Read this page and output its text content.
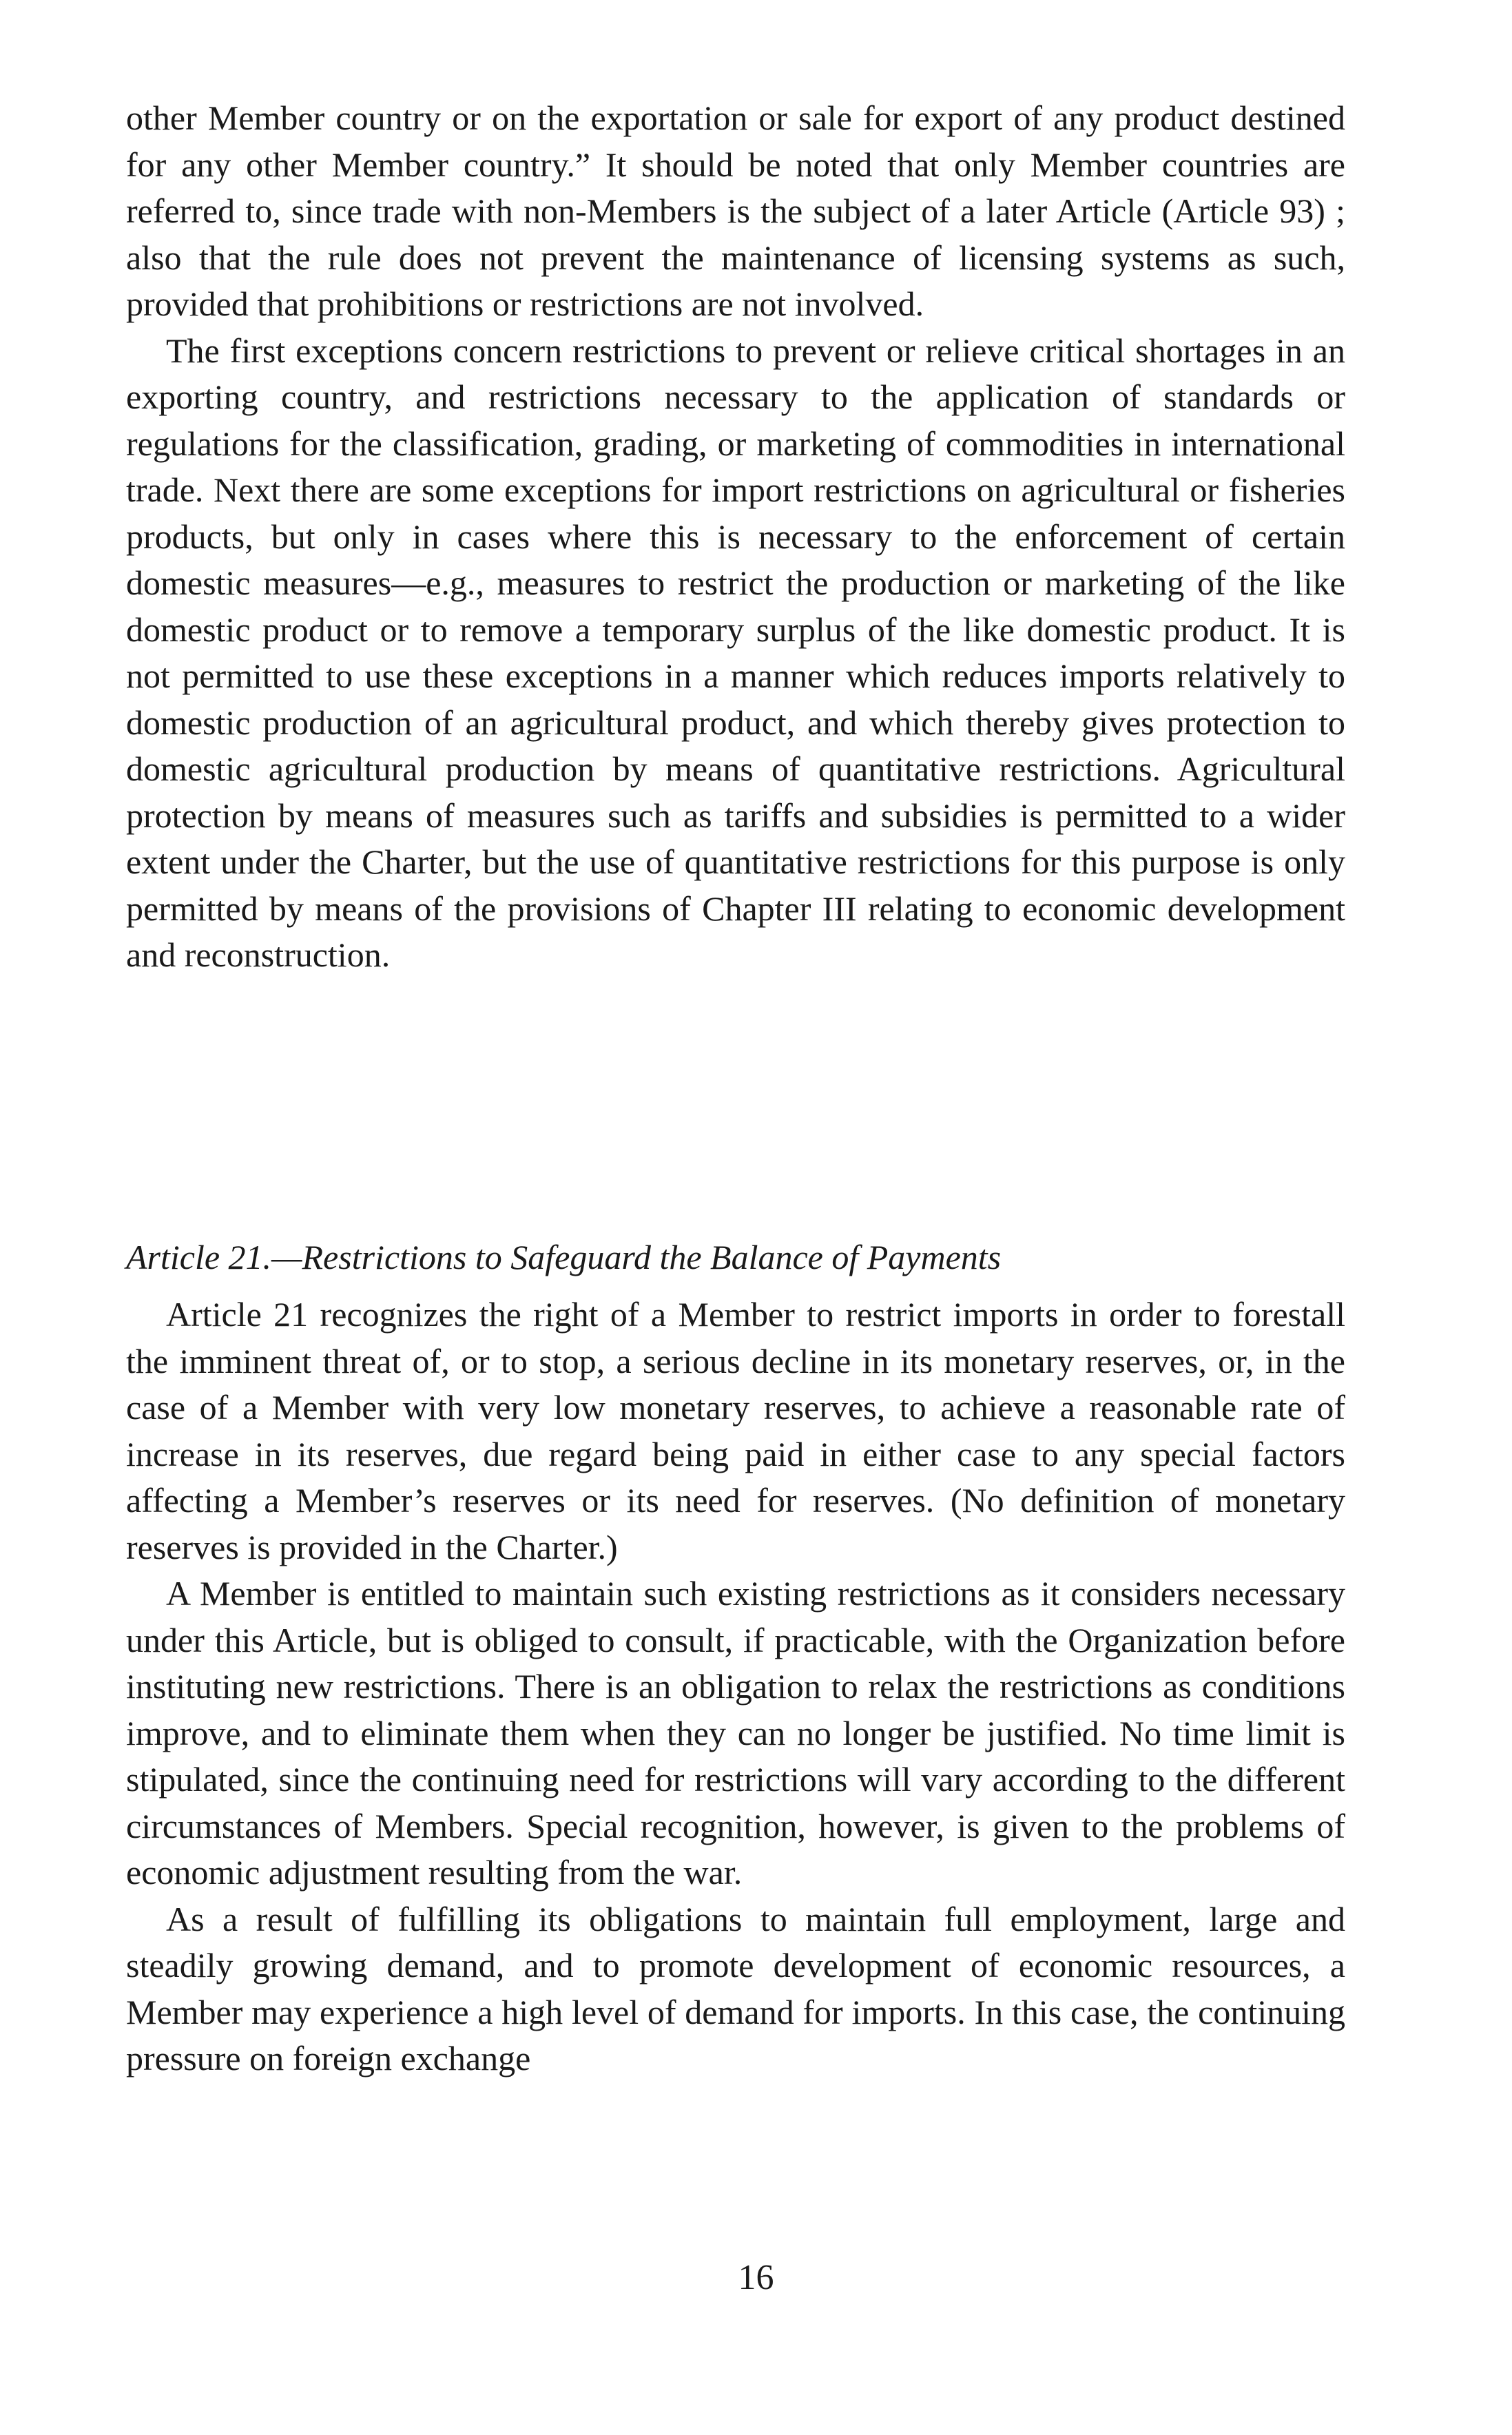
other Member country or on the exportation or sale for export of any product destined for any other Member country.” It should be noted that only Member countries are referred to, since trade with non-Members is the subject of a later Article (Article 93) ; also that the rule does not prevent the maintenance of licensing systems as such, provided that prohibitions or restrictions are not involved.

The first exceptions concern restrictions to prevent or relieve critical shortages in an exporting country, and restrictions necessary to the application of standards or regulations for the classification, grading, or marketing of commodities in international trade. Next there are some exceptions for import restrictions on agricultural or fisheries products, but only in cases where this is necessary to the enforcement of certain domestic measures—e.g., measures to restrict the production or marketing of the like domestic product or to remove a temporary surplus of the like domestic product. It is not permitted to use these exceptions in a manner which reduces imports relatively to domestic production of an agricultural product, and which thereby gives protection to domestic agricultural production by means of quantitative restrictions. Agricultural protection by means of measures such as tariffs and subsidies is permitted to a wider extent under the Charter, but the use of quantitative restrictions for this purpose is only permitted by means of the provisions of Chapter III relating to economic development and reconstruction.

Article 21.—Restrictions to Safeguard the Balance of Payments

Article 21 recognizes the right of a Member to restrict imports in order to forestall the imminent threat of, or to stop, a serious decline in its monetary reserves, or, in the case of a Member with very low monetary reserves, to achieve a reasonable rate of increase in its reserves, due regard being paid in either case to any special factors affecting a Member’s reserves or its need for reserves. (No definition of monetary reserves is provided in the Charter.)

A Member is entitled to maintain such existing restrictions as it considers necessary under this Article, but is obliged to consult, if practicable, with the Organization before instituting new restrictions. There is an obligation to relax the restrictions as conditions improve, and to eliminate them when they can no longer be justified. No time limit is stipulated, since the continuing need for restrictions will vary according to the different circumstances of Members. Special recognition, however, is given to the problems of economic adjustment resulting from the war.

As a result of fulfilling its obligations to maintain full employment, large and steadily growing demand, and to promote development of economic resources, a Member may experience a high level of demand for imports. In this case, the continuing pressure on foreign exchange

16
